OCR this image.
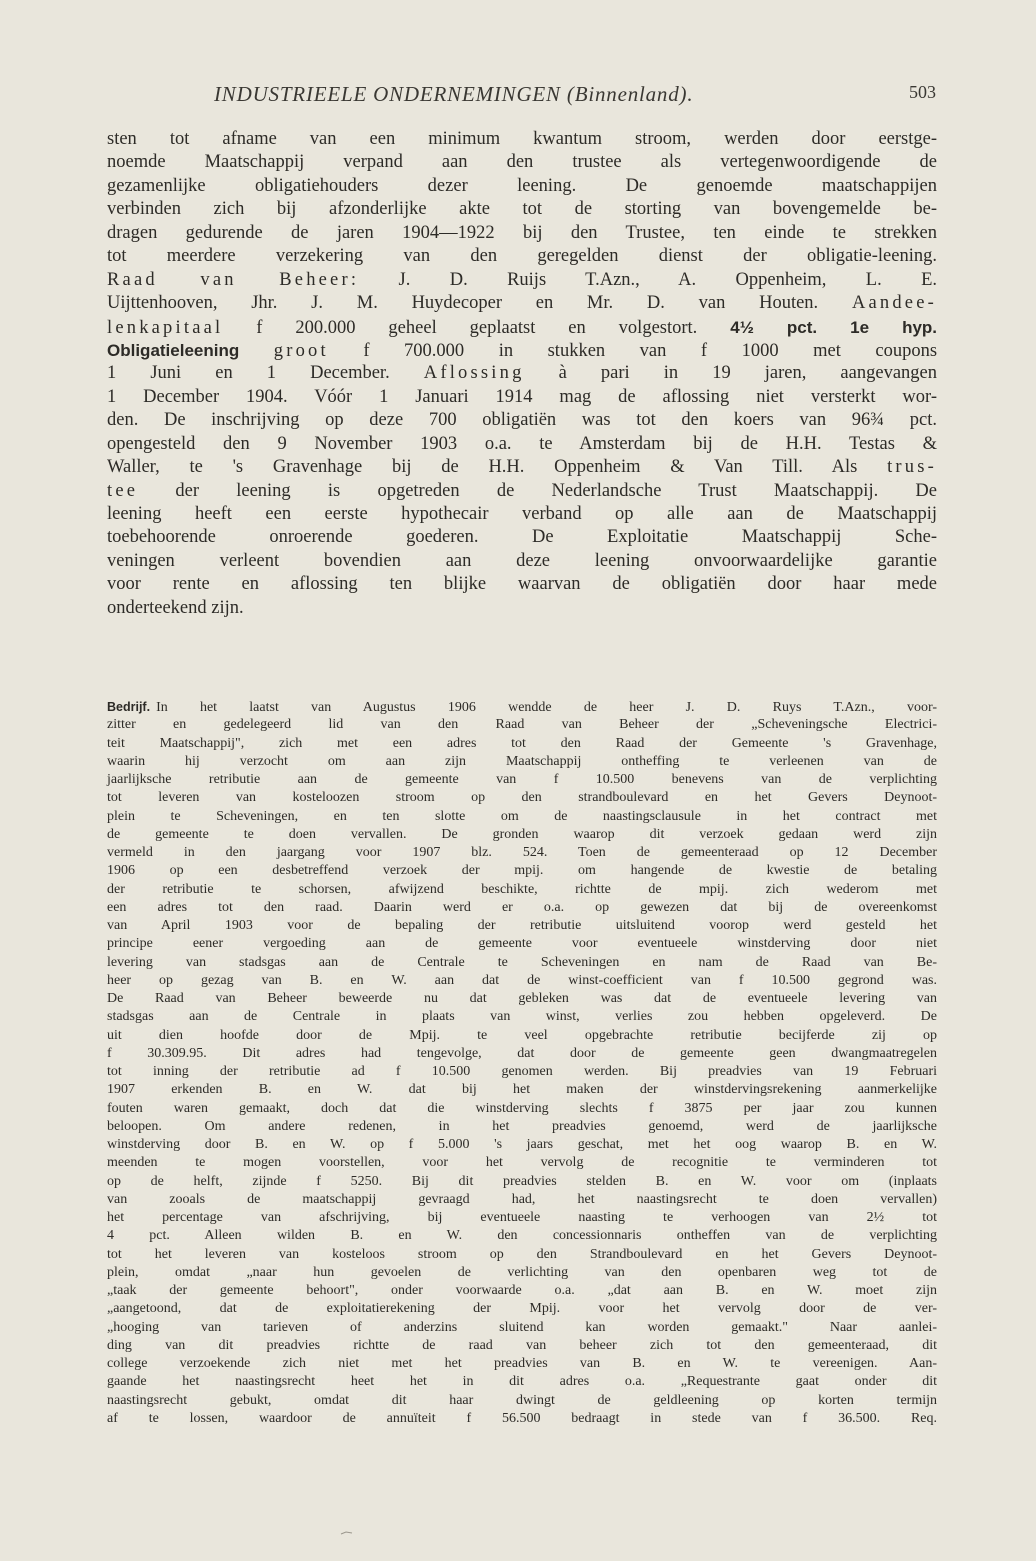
INDUSTRIEELE ONDERNEMINGEN (Binnenland).	503
sten tot afname van een minimum kwantum stroom, werden door eerstge-
noemde Maatschappij verpand aan den trustee als vertegenwoordigende de
gezamenlijke obligatiehouders dezer leening. De genoemde maatschappijen
verbinden zich bij afzonderlijke akte tot de storting van bovengemelde be-
dragen gedurende de jaren 1904—1922 bij den Trustee, ten einde te strekken
tot meerdere verzekering van den geregelden dienst der obligatie-leening.
Raad van Beheer: J. D. Ruijs T.Azn., A. Oppenheim, L. E.
Uijttenhooven, Jhr. J. M. Huydecoper en Mr. D. van Houten. Aandee-
lenkapitaal f 200.000 geheel geplaatst en volgestort. 4½ pct. 1e hyp.
Obligatieleening groot f 700.000 in stukken van f 1000 met coupons
1 Juni en 1 December. Aflossing à pari in 19 jaren, aangevangen
1 December 1904. Vóór 1 Januari 1914 mag de aflossing niet versterkt wor-
den. De inschrijving op deze 700 obligatiën was tot den koers van 96¾ pct.
opengesteld den 9 November 1903 o.a. te Amsterdam bij de H.H. Testas &
Waller, te 's Gravenhage bij de H.H. Oppenheim & Van Till. Als trus-
tee der leening is opgetreden de Nederlandsche Trust Maatschappij. De
leening heeft een eerste hypothecair verband op alle aan de Maatschappij
toebehoorende onroerende goederen. De Exploitatie Maatschappij Sche-
veningen verleent bovendien aan deze leening onvoorwaardelijke garantie
voor rente en aflossing ten blijke waarvan de obligatiën door haar mede
onderteekend zijn.
Bedrijf. In het laatst van Augustus 1906 wendde de heer J. D. Ruys T.Azn., voor-
zitter en gedelegeerd lid van den Raad van Beheer der „Scheveningsche Electrici-
teit Maatschappij", zich met een adres tot den Raad der Gemeente 's Gravenhage,
waarin hij verzocht om aan zijn Maatschappij ontheffing te verleenen van de
jaarlijksche retributie aan de gemeente van f 10.500 benevens van de verplichting
tot leveren van kosteloozen stroom op den strandboulevard en het Gevers Deynoot-
plein te Scheveningen, en ten slotte om de naastingsclausule in het contract met
de gemeente te doen vervallen. De gronden waarop dit verzoek gedaan werd zijn
vermeld in den jaargang voor 1907 blz. 524. Toen de gemeenteraad op 12 December
1906 op een desbetreffend verzoek der mpij. om hangende de kwestie de betaling
der retributie te schorsen, afwijzend beschikte, richtte de mpij. zich wederom met
een adres tot den raad. Daarin werd er o.a. op gewezen dat bij de overeenkomst
van April 1903 voor de bepaling der retributie uitsluitend voorop werd gesteld het
principe eener vergoeding aan de gemeente voor eventueele winstderving door niet
levering van stadsgas aan de Centrale te Scheveningen en nam de Raad van Be-
heer op gezag van B. en W. aan dat de winst-coefficient van f 10.500 gegrond was.
De Raad van Beheer beweerde nu dat gebleken was dat de eventueele levering van
stadsgas aan de Centrale in plaats van winst, verlies zou hebben opgeleverd. De
uit dien hoofde door de Mpij. te veel opgebrachte retributie becijferde zij op
f 30.309.95. Dit adres had tengevolge, dat door de gemeente geen dwangmaatregelen
tot inning der retributie ad f 10.500 genomen werden. Bij preadvies van 19 Februari
1907 erkenden B. en W. dat bij het maken der winstdervingsrekening aanmerkelijke
fouten waren gemaakt, doch dat die winstderving slechts f 3875 per jaar zou kunnen
beloopen. Om andere redenen, in het preadvies genoemd, werd de jaarlijksche
winstderving door B. en W. op f 5.000 's jaars geschat, met het oog waarop B. en W.
meenden te mogen voorstellen, voor het vervolg de recognitie te verminderen tot
op de helft, zijnde f 5250. Bij dit preadvies stelden B. en W. voor om (inplaats
van zooals de maatschappij gevraagd had, het naastingsrecht te doen vervallen)
het percentage van afschrijving, bij eventueele naasting te verhoogen van 2½ tot
4 pct. Alleen wilden B. en W. den concessionnaris ontheffen van de verplichting
tot het leveren van kosteloos stroom op den Strandboulevard en het Gevers Deynoot-
plein, omdat „naar hun gevoelen de verlichting van den openbaren weg tot de
„taak der gemeente behoort", onder voorwaarde o.a. „dat aan B. en W. moet zijn
„aangetoond, dat de exploitatierekening der Mpij. voor het vervolg door de ver-
„hooging van tarieven of anderzins sluitend kan worden gemaakt." Naar aanlei-
ding van dit preadvies richtte de raad van beheer zich tot den gemeenteraad, dit
college verzoekende zich niet met het preadvies van B. en W. te vereenigen. Aan-
gaande het naastingsrecht heet het in dit adres o.a. „Requestrante gaat onder dit
naastingsrecht gebukt, omdat dit haar dwingt de geldleening op korten termijn
af te lossen, waardoor de annuïteit f 56.500 bedraagt in stede van f 36.500. Req.
